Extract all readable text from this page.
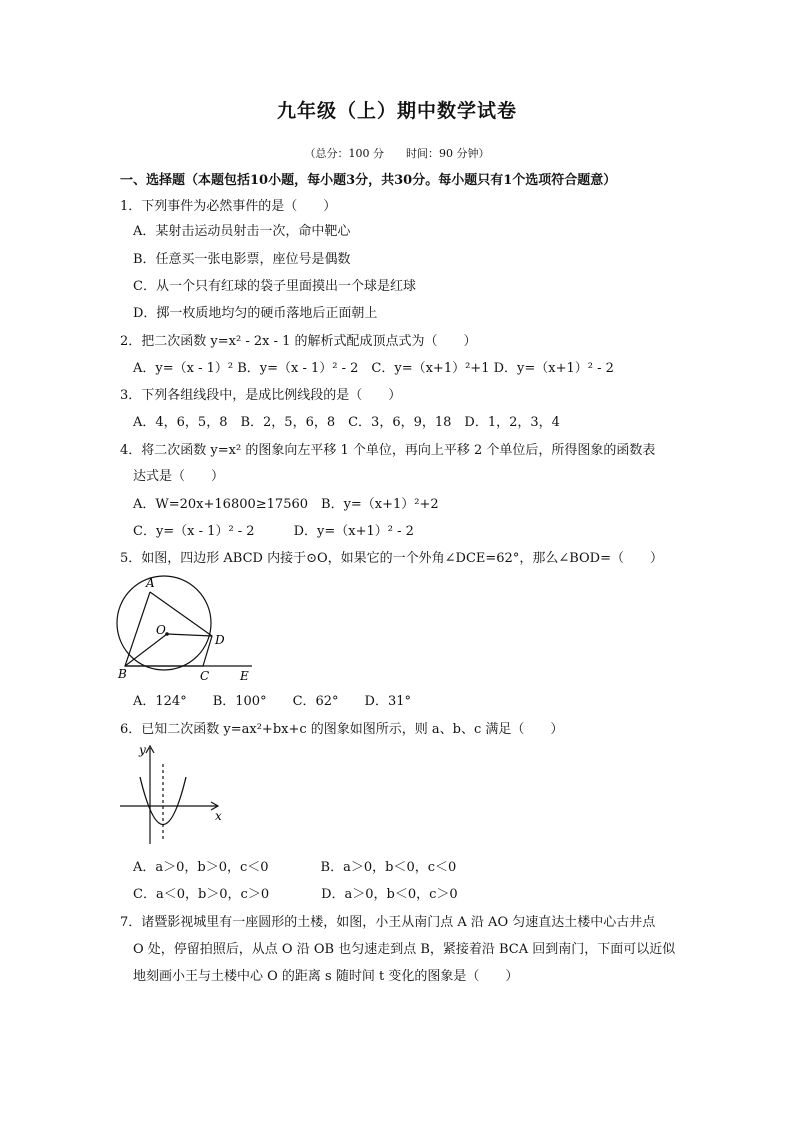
九年级（上）期中数学试卷
（总分：100 分　　时间：90 分钟）
一、选择题（本题包括10小题，每小题3分，共30分。每小题只有1个选项符合题意）
1．下列事件为必然事件的是（　　）
A．某射击运动员射击一次，命中靶心
B．任意买一张电影票，座位号是偶数
C．从一个只有红球的袋子里面摸出一个球是红球
D．掷一枚质地均匀的硬币落地后正面朝上
2．把二次函数 y=x² - 2x - 1 的解析式配成顶点式为（　　）
A．y=（x - 1）² B．y=（x - 1）² - 2　C．y=（x+1）²+1 D．y=（x+1）² - 2
3．下列各组线段中，是成比例线段的是（　　）
A．4，6，5，8　B．2，5，6，8　C．3，6，9，18　D．1，2，3，4
4．将二次函数 y=x² 的图象向左平移 1 个单位，再向上平移 2 个单位后，所得图象的函数表
达式是（　　）
A．W=20x+16800≥17560　B．y=（x+1）²+2
C．y=（x - 1）² - 2　　　D．y=（x+1）² - 2
5．如图，四边形 ABCD 内接于⊙O，如果它的一个外角∠DCE=62°，那么∠BOD=（　　）
A
O
D
B	C	E
A．124°　　B．100°　　C．62°　　D．31°
6．已知二次函数 y=ax²+bx+c 的图象如图所示，则 a、b、c 满足（　　）
y
x
A．a＞0，b＞0，c＜0　　　　B．a＞0，b＜0，c＜0
C．a＜0，b＞0，c＞0　　　　D．a＞0，b＜0，c＞0
7．诸暨影视城里有一座圆形的土楼，如图，小王从南门点 A 沿 AO 匀速直达土楼中心古井点
O 处，停留拍照后，从点 O 沿 OB 也匀速走到点 B，紧接着沿 BCA 回到南门，下面可以近似
地刻画小王与土楼中心 O 的距离 s 随时间 t 变化的图象是（　　）
